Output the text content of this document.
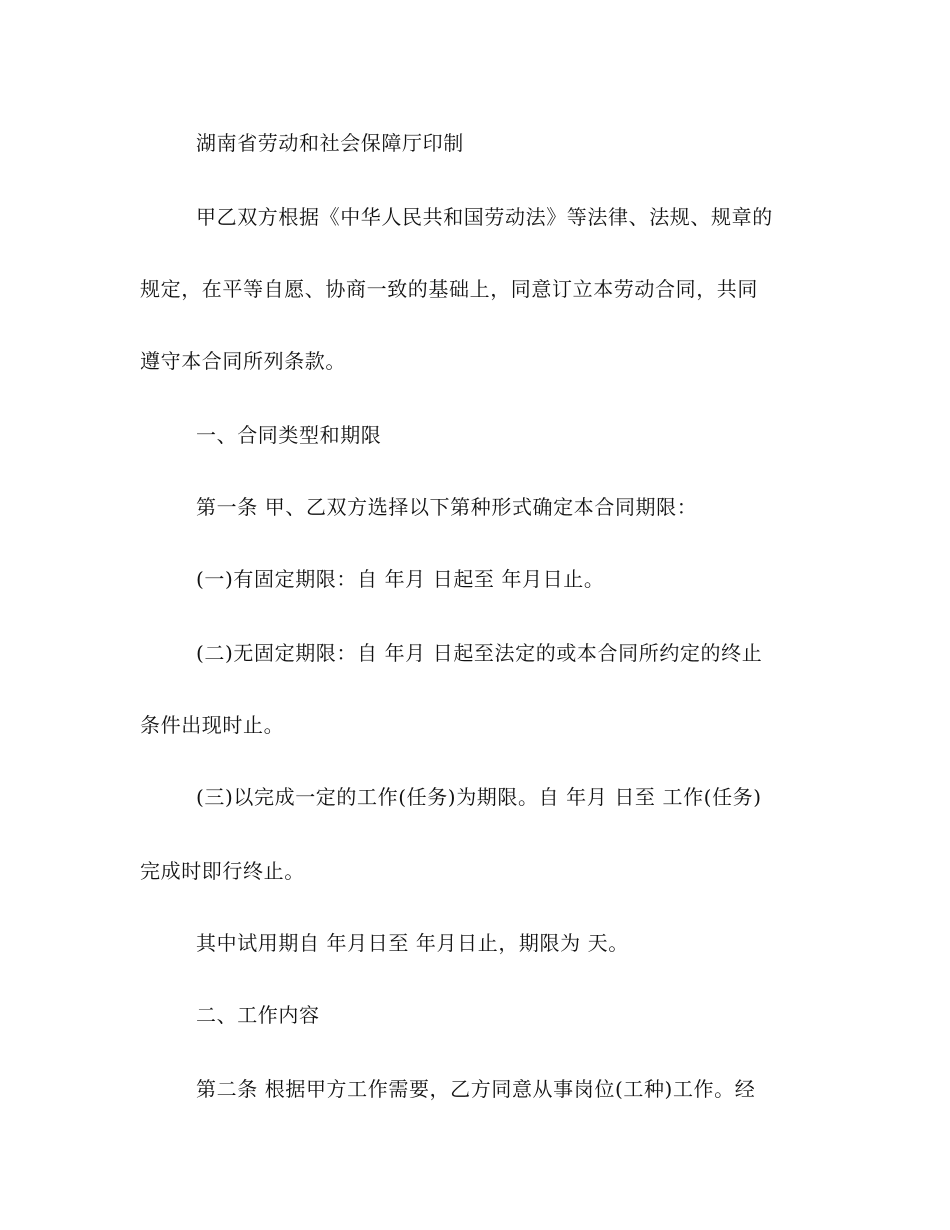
湖南省劳动和社会保障厅印制
甲乙双方根据《中华人民共和国劳动法》等法律、法规、规章的
规定，在平等自愿、协商一致的基础上，同意订立本劳动合同，共同
遵守本合同所列条款。
一、合同类型和期限
第一条 甲、乙双方选择以下第种形式确定本合同期限：
(一)有固定期限：自 年月 日起至 年月日止。
(二)无固定期限：自 年月 日起至法定的或本合同所约定的终止
条件出现时止。
(三)以完成一定的工作(任务)为期限。自 年月 日至 工作(任务)
完成时即行终止。
其中试用期自 年月日至 年月日止，期限为 天。
二、工作内容
第二条 根据甲方工作需要，乙方同意从事岗位(工种)工作。经
